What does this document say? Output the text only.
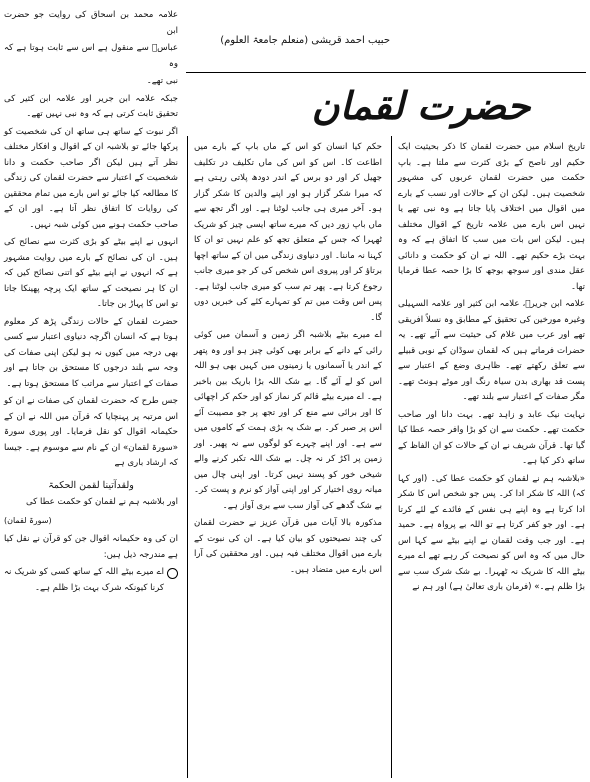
حبیب احمد قریشی (منعلم جامعۃ العلوم)
حضرت لقمان

علامہ محمد بن اسحاق کی روایت جو حضرت ابن

عباسؓ سے منقول ہے اس سے ثابت ہوتا ہے کہ وہ

نبی تھے۔

جبکہ علامہ ابن جریر اور علامہ ابن کثیر کی تحقیق ثابت کرتی ہے کہ وہ نبی نہیں تھے۔

اگر نبوت کے ساتھ ہی ساتھ ان کی شخصیت کو پرکھا جائے تو بلاشبہ ان کے اقوال و افکار مختلف نظر آتے ہیں لیکن اگر صاحب حکمت و دانا شخصیت کے اعتبار سے حضرت لقمان کی زندگی کا مطالعہ کیا جائے تو اس بارے میں تمام محققین کی روایات کا اتفاق نظر آتا ہے۔ اور ان کے صاحب حکمت ہونے میں کوئی شبہ نہیں۔

انہوں نے اپنے بیٹے کو بڑی کثرت سے نصائح کی ہیں۔ ان کی نصائح کے بارے میں روایت مشہور ہے کہ انہوں نے اپنے بیٹے کو اتنی نصائح کیں کہ ان کا ہر نصیحت کے ساتھ ایک پرچہ پھینکا جاتا تو اس کا پہاڑ بن جاتا۔

حضرت لقمان کے حالات زندگی پڑھ کر معلوم ہوتا ہے کہ انسان اگرچہ دنیاوی اعتبار سے کسی بھی درجہ میں کیوں نہ ہو لیکن اپنی صفات کی وجہ سے بلند درجوں کا مستحق بن جاتا ہے اور صفات کے اعتبار سے مراتب کا مستحق ہوتا ہے۔

جس طرح کہ حضرت لقمان کی صفات نے ان کو اس مرتبہ پر پہنچایا کہ قرآن میں اللہ نے ان کے حکیمانہ اقوال کو نقل فرمایا۔ اور پوری سورۃ «سورۃ لقمان» ان کے نام سے موسوم ہے۔ جیسا کہ ارشاد باری ہے

ولقدآتینا لقمن الحکمۃ

اور بلاشبہ ہم نے لقمان کو حکمت عطا کی

(سورۃ لقمان)

ان کی وہ حکیمانہ اقوال جن کو قرآن نے نقل کیا ہے مندرجہ ذیل ہیں:

اے میرے بیٹے اللہ کے ساتھ کسی کو شریک نہ کرنا کیونکہ شرک بہت بڑا ظلم ہے۔

حکم کیا انسان کو اس کے ماں باپ کے بارے میں اطاعت کا۔ اس کو اس کی ماں تکلیف در تکلیف جھیل کر اور دو برس کے اندر دودھ پلاتی رہتی ہے کہ میرا شکر گزار ہو اور اپنے والدین کا شکر گزار ہو۔ آخر میری ہی جانب لوٹنا ہے۔ اور اگر تجھ سے ماں باپ زور دیں کہ میرے ساتھ ایسی چیز کو شریک ٹھہرا کہ جس کے متعلق تجھ کو علم نہیں تو ان کا کہنا نہ ماننا۔ اور دنیاوی زندگی میں ان کے ساتھ اچھا برتاؤ کر اور پیروی اس شخص کی کر جو میری جانب رجوع کرتا ہے۔ پھر تم سب کو میری جانب لوٹنا ہے۔ پس اس وقت میں تم کو تمہارے کئے کی خبریں دوں گا۔

اے میرے بیٹے بلاشبہ اگر زمین و آسمان میں کوئی رائی کے دانے کے برابر بھی کوئی چیز ہو اور وہ پتھر کے اندر یا آسمانوں یا زمینوں میں کہیں بھی ہو اللہ اس کو لے آئے گا۔ بے شک اللہ بڑا باریک بین باخبر ہے۔ اے میرے بیٹے قائم کر نماز کو اور حکم کر اچھائی کا اور برائی سے منع کر اور تجھ پر جو مصیبت آئے اس پر صبر کر۔ بے شک یہ بڑی ہمت کے کاموں میں سے ہے۔ اور اپنے چہرے کو لوگوں سے نہ پھیر۔ اور زمین پر اکڑ کر نہ چل۔ بے شک اللہ تکبر کرنے والے شیخی خور کو پسند نہیں کرتا۔ اور اپنی چال میں میانہ روی اختیار کر اور اپنی آواز کو نرم و پست کر۔ بے شک گدھے کی آواز سب سے بری آواز ہے۔

مذکورہ بالا آیات میں قرآن عزیز نے حضرت لقمان کی چند نصیحتوں کو بیان کیا ہے۔ ان کی نبوت کے بارے میں اقوال مختلف فیہ ہیں۔ اور محققین کی آرا اس بارے میں متضاد ہیں۔

تاریخ اسلام میں حضرت لقمان کا ذکر بحیثیت ایک حکیم اور ناصح کے بڑی کثرت سے ملتا ہے۔ باپ حکمت میں حضرت لقمان عربوں کی مشہور شخصیت ہیں۔ لیکن ان کے حالات اور نسب کے بارے میں اقوال میں اختلاف پایا جاتا ہے وہ نبی تھے یا نہیں اس بارے میں علامہ تاریخ کے اقوال مختلف ہیں۔ لیکن اس بات میں سب کا اتفاق ہے کہ وہ بہت بڑے حکیم تھے۔ اللہ نے ان کو حکمت و دانائی عقل مندی اور سوجھ بوجھ کا بڑا حصہ عطا فرمایا تھا۔

علامہ ابن جریرؒ، علامہ ابن کثیر اور علامہ السہیلی وغیرہ مورخین کی تحقیق کے مطابق وہ نسلاً افریقی تھے اور عرب میں غلام کی حیثیت سے آئے تھے۔ یہ حضرات فرماتے ہیں کہ لقمان سوڈان کے نوبی قبیلے سے تعلق رکھتے تھے۔ ظاہری وضع کے اعتبار سے پست قد بھاری بدن سیاہ رنگ اور موٹے ہونٹ تھے۔ مگر صفات کے اعتبار سے بلند تھے۔

نہایت نیک عابد و زاہد تھے۔ بہت دانا اور صاحب حکمت تھے۔ حکمت سے ان کو بڑا وافر حصہ عطا کیا گیا تھا۔ قرآن شریف نے ان کے حالات کو ان الفاظ کے ساتھ ذکر کیا ہے۔

«بلاشبہ ہم نے لقمان کو حکمت عطا کی۔ (اور کہا کہ) اللہ کا شکر ادا کر۔ پس جو شخص اس کا شکر ادا کرتا ہے وہ اپنے ہی نفس کے فائدے کے لئے کرتا ہے۔ اور جو کفر کرتا ہے تو اللہ بے پرواہ ہے۔ حمید ہے۔ اور جب وقت لقمان نے اپنے بیٹے سے کہا اس حال میں کہ وہ اس کو نصیحت کر رہے تھے اے میرے بیٹے اللہ کا شریک نہ ٹھہرا۔ بے شک شرک سب سے بڑا ظلم ہے۔» (فرمان باری تعالیٰ ہے) اور ہم نے
